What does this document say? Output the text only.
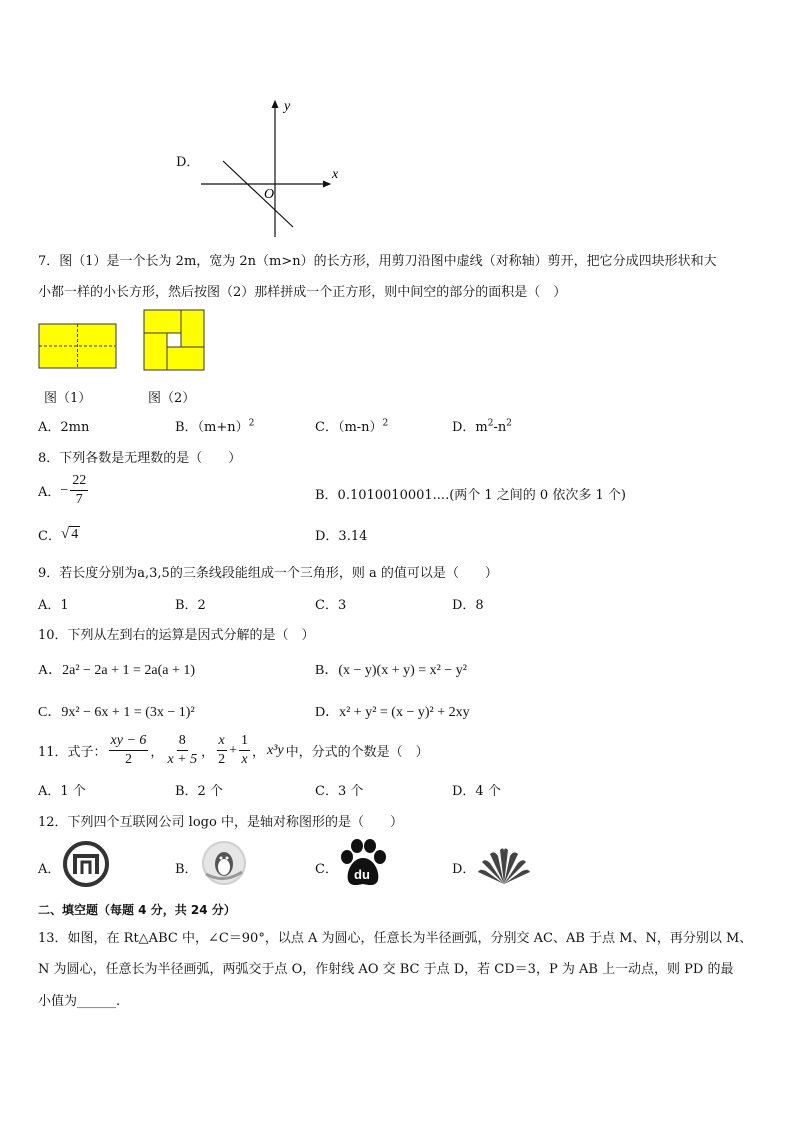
D．
y
x
O
7．图（1）是一个长为 2m，宽为 2n（m>n）的长方形，用剪刀沿图中虚线（对称轴）剪开，把它分成四块形状和大
小都一样的小长方形，然后按图（2）那样拼成一个正方形，则中间空的部分的面积是（　）
图（1）	图（2）
A．2mn	B．$(m+n)^2$	C．$(m-n)^2$	D．$m^2-n^2$
8．下列各数是无理数的是（　　）
A． − $\frac{22}{7}$	B．0.1010010001....(两个 1 之间的 0 依次多 1 个)
C． √ 4	D．3.14
9．若长度分别为a,3,5的三条线段能组成一个三角形，则 a 的值可以是（　　）
A．1	B．2	C．3	D．8
10．下列从左到右的运算是因式分解的是（　）
A．2a² − 2a + 1 = 2a(a + 1)	B．(x − y)(x + y) = x² − y²
C．9x² − 6x + 1 = (3x − 1)²	D．x² + y² = (x − y)² + 2xy
11．式子： $\frac{xy - 6}{2}$ ， $\frac{8}{x + 5}$ ， $\frac{x}{2} + \frac{1}{x}$ ， x³y 中，分式的个数是（　）
A．1 个	B．2 个	C．3 个	D．4 个
12．下列四个互联网公司 logo 中，是轴对称图形的是（　　）
A．	B．	C． du	D．
二、填空题（每题 4 分，共 24 分）
13．如图，在 Rt△ABC 中，∠C＝90°，以点 A 为圆心，任意长为半径画弧，分别交 AC、AB 于点 M、N，再分别以 M、
N 为圆心，任意长为半径画弧，两弧交于点 O，作射线 AO 交 BC 于点 D，若 CD＝3，P 为 AB 上一动点，则 PD 的最
小值为______.
